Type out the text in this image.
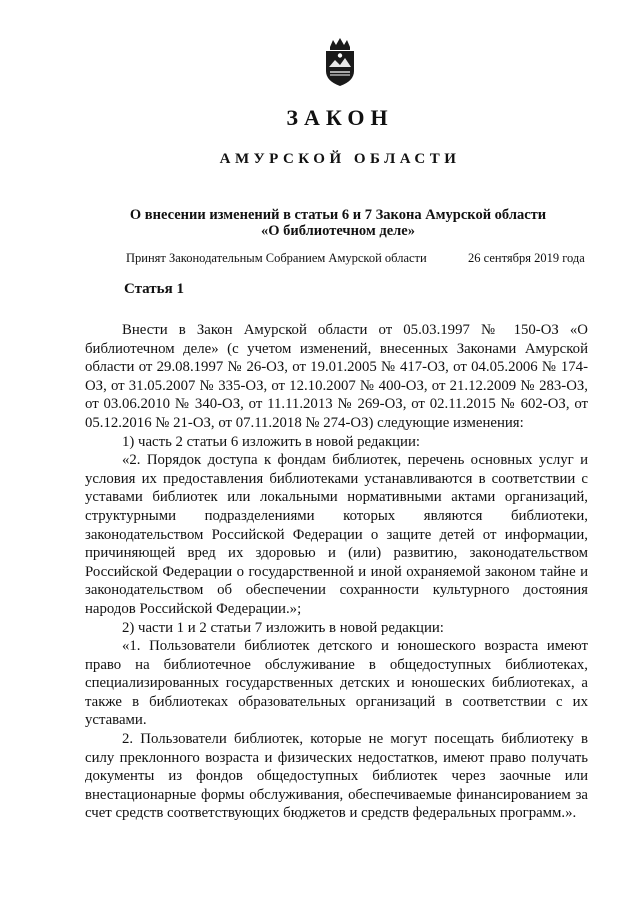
ЗАКОН
АМУРСКОЙ ОБЛАСТИ
О внесении изменений в статьи 6 и 7 Закона Амурской области
«О библиотечном деле»
Принят Законодательным Собранием Амурской области	26 сентября 2019 года
Статья 1

Внести в Закон Амурской области от 05.03.1997 № 150-ОЗ «О библиотечном деле» (с учетом изменений, внесенных Законами Амурской области от 29.08.1997 № 26-ОЗ, от 19.01.2005 № 417-ОЗ, от 04.05.2006 № 174-ОЗ, от 31.05.2007 № 335-ОЗ, от 12.10.2007 № 400-ОЗ, от 21.12.2009 № 283-ОЗ, от 03.06.2010 № 340-ОЗ, от 11.11.2013 № 269-ОЗ, от 02.11.2015 № 602-ОЗ, от 05.12.2016 № 21-ОЗ, от 07.11.2018 № 274-ОЗ) следующие изменения:

1) часть 2 статьи 6 изложить в новой редакции:

«2. Порядок доступа к фондам библиотек, перечень основных услуг и условия их предоставления библиотеками устанавливаются в соответствии с уставами библиотек или локальными нормативными актами организаций, структурными подразделениями которых являются библиотеки, законодательством Российской Федерации о защите детей от информации, причиняющей вред их здоровью и (или) развитию, законодательством Российской Федерации о государственной и иной охраняемой законом тайне и законодательством об обеспечении сохранности культурного достояния народов Российской Федерации.»;

2) части 1 и 2 статьи 7 изложить в новой редакции:

«1. Пользователи библиотек детского и юношеского возраста имеют право на библиотечное обслуживание в общедоступных библиотеках, специализированных государственных детских и юношеских библиотеках, а также в библиотеках образовательных организаций в соответствии с их уставами.

2. Пользователи библиотек, которые не могут посещать библиотеку в силу преклонного возраста и физических недостатков, имеют право получать документы из фондов общедоступных библиотек через заочные или внестационарные формы обслуживания, обеспечиваемые финансированием за счет средств соответствующих бюджетов и средств федеральных программ.».
